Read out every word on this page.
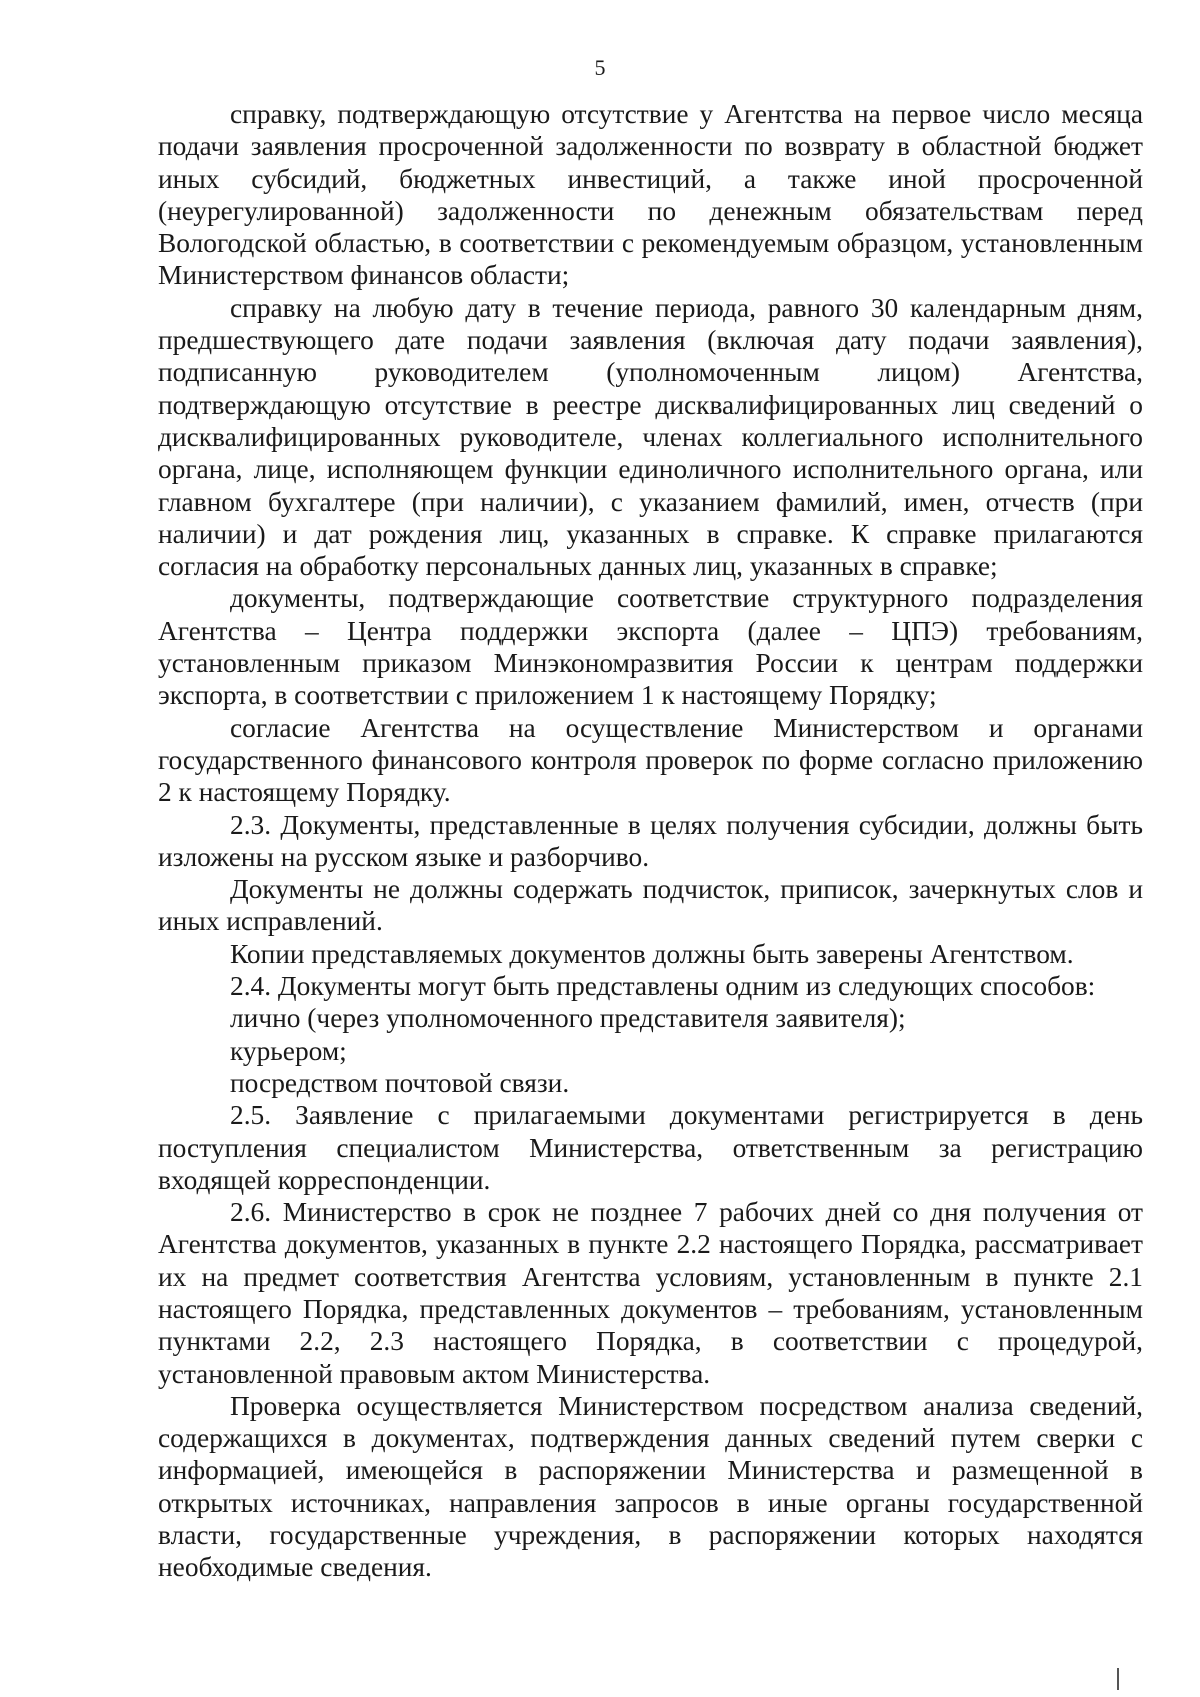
5

справку, подтверждающую отсутствие у Агентства на первое число месяца подачи заявления просроченной задолженности по возврату в областной бюджет иных субсидий, бюджетных инвестиций, а также иной просроченной (неурегулированной) задолженности по денежным обязательствам перед Вологодской областью, в соответствии с рекомендуемым образцом, установленным Министерством финансов области;

справку на любую дату в течение периода, равного 30 календарным дням, предшествующего дате подачи заявления (включая дату подачи заявления), подписанную руководителем (уполномоченным лицом) Агентства, подтверждающую отсутствие в реестре дисквалифицированных лиц сведений о дисквалифицированных руководителе, членах коллегиального исполнительного органа, лице, исполняющем функции единоличного исполнительного органа, или главном бухгалтере (при наличии), с указанием фамилий, имен, отчеств (при наличии) и дат рождения лиц, указанных в справке. К справке прилагаются согласия на обработку персональных данных лиц, указанных в справке;

документы, подтверждающие соответствие структурного подразделения Агентства – Центра поддержки экспорта (далее – ЦПЭ) требованиям, установленным приказом Минэкономразвития России к центрам поддержки экспорта, в соответствии с приложением 1 к настоящему Порядку;

согласие Агентства на осуществление Министерством и органами государственного финансового контроля проверок по форме согласно приложению 2 к настоящему Порядку.

2.3. Документы, представленные в целях получения субсидии, должны быть изложены на русском языке и разборчиво.

Документы не должны содержать подчисток, приписок, зачеркнутых слов и иных исправлений.

Копии представляемых документов должны быть заверены Агентством.

2.4. Документы могут быть представлены одним из следующих способов:

лично (через уполномоченного представителя заявителя);

курьером;

посредством почтовой связи.

2.5. Заявление с прилагаемыми документами регистрируется в день поступления специалистом Министерства, ответственным за регистрацию входящей корреспонденции.

2.6. Министерство в срок не позднее 7 рабочих дней со дня получения от Агентства документов, указанных в пункте 2.2 настоящего Порядка, рассматривает их на предмет соответствия Агентства условиям, установленным в пункте 2.1 настоящего Порядка, представленных документов – требованиям, установленным пунктами 2.2, 2.3 настоящего Порядка, в соответствии с процедурой, установленной правовым актом Министерства.

Проверка осуществляется Министерством посредством анализа сведений, содержащихся в документах, подтверждения данных сведений путем сверки с информацией, имеющейся в распоряжении Министерства и размещенной в открытых источниках, направления запросов в иные органы государственной власти, государственные учреждения, в распоряжении которых находятся необходимые сведения.
